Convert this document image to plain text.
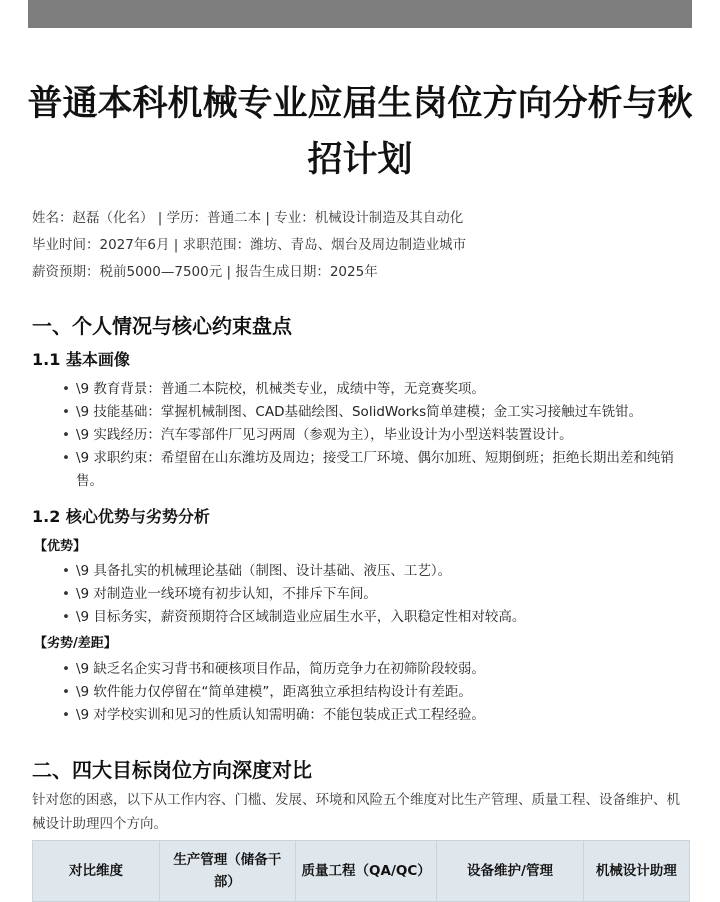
普通本科机械专业应届生岗位方向分析与秋招计划
姓名：赵磊（化名） | 学历：普通二本 | 专业：机械设计制造及其自动化
毕业时间：2027年6月 | 求职范围：潍坊、青岛、烟台及周边制造业城市
薪资预期：税前5000—7500元 | 报告生成日期：2025年
一、个人情况与核心约束盘点
1.1 基本画像
• \9 教育背景：普通二本院校，机械类专业，成绩中等，无竞赛奖项。
• \9 技能基础：掌握机械制图、CAD基础绘图、SolidWorks简单建模；金工实习接触过车铣钳。
• \9 实践经历：汽车零部件厂见习两周（参观为主），毕业设计为小型送料装置设计。
• \9 求职约束：希望留在山东潍坊及周边；接受工厂环境、偶尔加班、短期倒班；拒绝长期出差和纯销售。
1.2 核心优势与劣势分析
【优势】
• \9 具备扎实的机械理论基础（制图、设计基础、液压、工艺）。
• \9 对制造业一线环境有初步认知，不排斥下车间。
• \9 目标务实，薪资预期符合区域制造业应届生水平，入职稳定性相对较高。
【劣势/差距】
• \9 缺乏名企实习背书和硬核项目作品，简历竞争力在初筛阶段较弱。
• \9 软件能力仅停留在“简单建模”，距离独立承担结构设计有差距。
• \9 对学校实训和见习的性质认知需明确：不能包装成正式工程经验。
二、四大目标岗位方向深度对比
针对您的困惑，以下从工作内容、门槛、发展、环境和风险五个维度对比生产管理、质量工程、设备维护、机械设计助理四个方向。
对比维度	生产管理（储备干部）	质量工程（QA/QC）	设备维护/管理	机械设计助理
